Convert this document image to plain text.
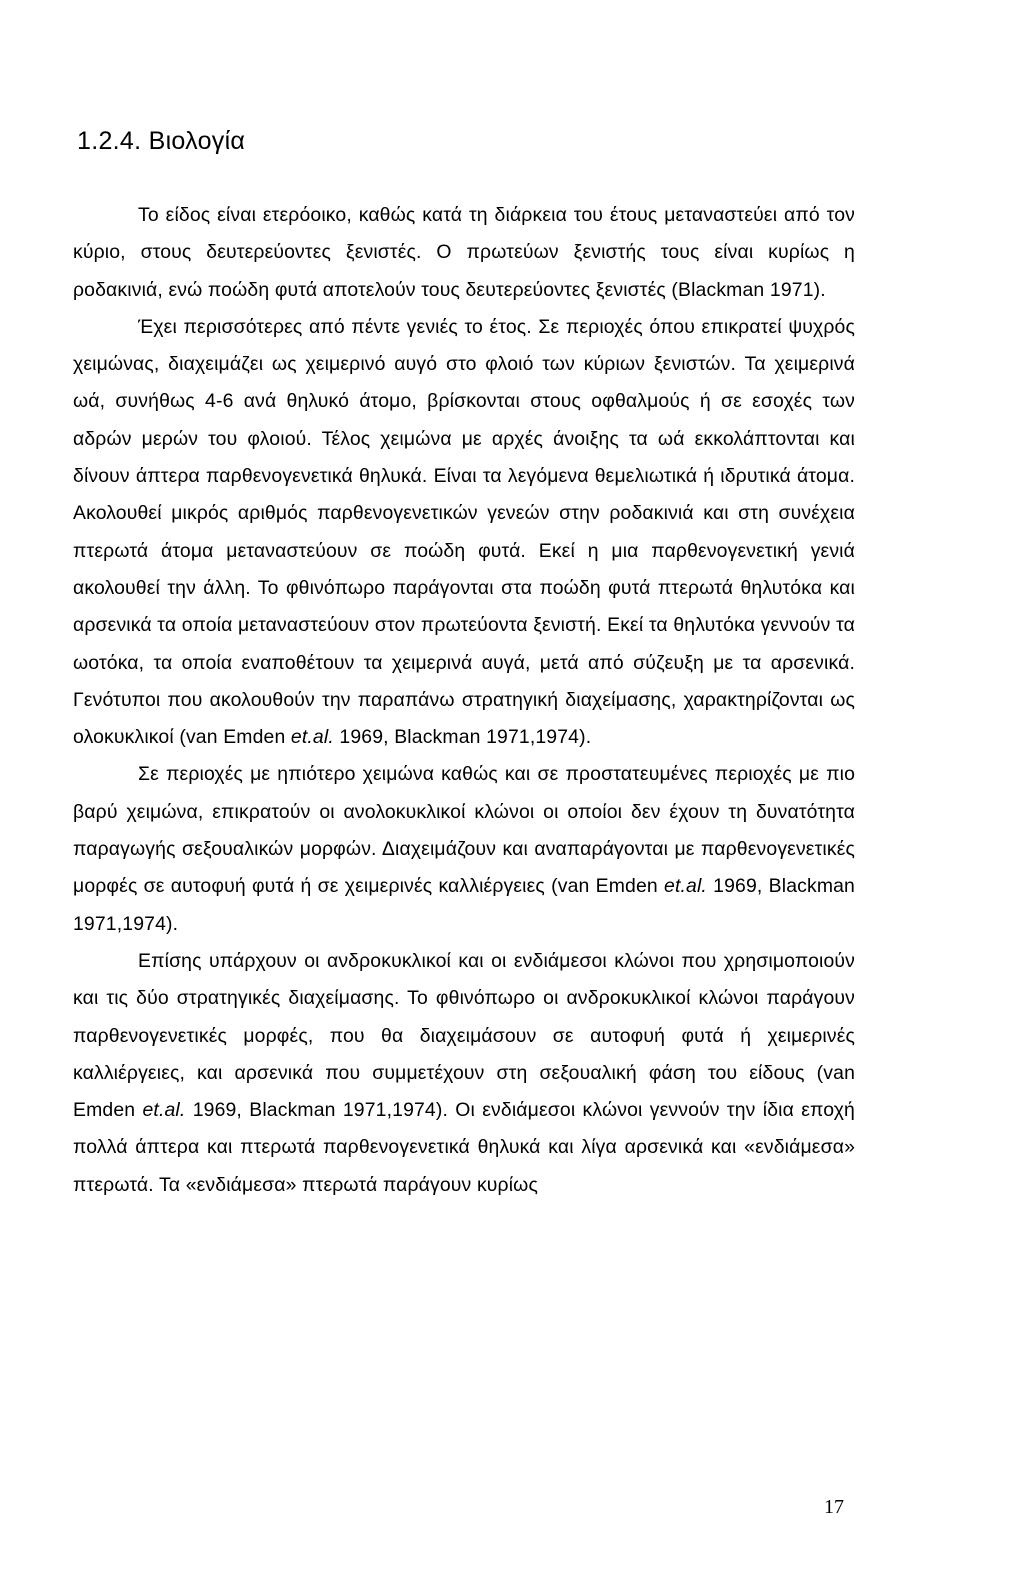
1.2.4. Βιολογία

Το είδος είναι ετερόοικο, καθώς κατά τη διάρκεια του έτους μεταναστεύει από τον κύριο, στους δευτερεύοντες ξενιστές. Ο πρωτεύων ξενιστής τους είναι κυρίως η ροδακινιά, ενώ ποώδη φυτά αποτελούν τους δευτερεύοντες ξενιστές (Blackman 1971).

Έχει περισσότερες από πέντε γενιές το έτος. Σε περιοχές όπου επικρατεί ψυχρός χειμώνας, διαχειμάζει ως χειμερινό αυγό στο φλοιό των κύριων ξενιστών. Τα χειμερινά ωά, συνήθως 4-6 ανά θηλυκό άτομο, βρίσκονται στους οφθαλμούς ή σε εσοχές των αδρών μερών του φλοιού. Τέλος χειμώνα με αρχές άνοιξης τα ωά εκκολάπτονται και δίνουν άπτερα παρθενογενετικά θηλυκά. Είναι τα λεγόμενα θεμελιωτικά ή ιδρυτικά άτομα. Ακολουθεί μικρός αριθμός παρθενογενετικών γενεών στην ροδακινιά και στη συνέχεια πτερωτά άτομα μεταναστεύουν σε ποώδη φυτά. Εκεί η μια παρθενογενετική γενιά ακολουθεί την άλλη. Το φθινόπωρο παράγονται στα ποώδη φυτά πτερωτά θηλυτόκα και αρσενικά τα οποία μεταναστεύουν στον πρωτεύοντα ξενιστή. Εκεί τα θηλυτόκα γεννούν τα ωοτόκα, τα οποία εναποθέτουν τα χειμερινά αυγά, μετά από σύζευξη με τα αρσενικά. Γενότυποι που ακολουθούν την παραπάνω στρατηγική διαχείμασης, χαρακτηρίζονται ως ολοκυκλικοί (van Emden et.al. 1969, Blackman 1971,1974).

Σε περιοχές με ηπιότερο χειμώνα καθώς και σε προστατευμένες περιοχές με πιο βαρύ χειμώνα, επικρατούν οι ανολοκυκλικοί κλώνοι οι οποίοι δεν έχουν τη δυνατότητα παραγωγής σεξουαλικών μορφών. Διαχειμάζουν και αναπαράγονται με παρθενογενετικές μορφές σε αυτοφυή φυτά ή σε χειμερινές καλλιέργειες (van Emden et.al. 1969, Blackman 1971,1974).

Επίσης υπάρχουν οι ανδροκυκλικοί και οι ενδιάμεσοι κλώνοι που χρησιμοποιούν και τις δύο στρατηγικές διαχείμασης. Το φθινόπωρο οι ανδροκυκλικοί κλώνοι παράγουν παρθενογενετικές μορφές, που θα διαχειμάσουν σε αυτοφυή φυτά ή χειμερινές καλλιέργειες, και αρσενικά που συμμετέχουν στη σεξουαλική φάση του είδους (van Emden et.al. 1969, Blackman 1971,1974). Οι ενδιάμεσοι κλώνοι γεννούν την ίδια εποχή πολλά άπτερα και πτερωτά παρθενογενετικά θηλυκά και λίγα αρσενικά και «ενδιάμεσα» πτερωτά. Τα «ενδιάμεσα» πτερωτά παράγουν κυρίως

17
